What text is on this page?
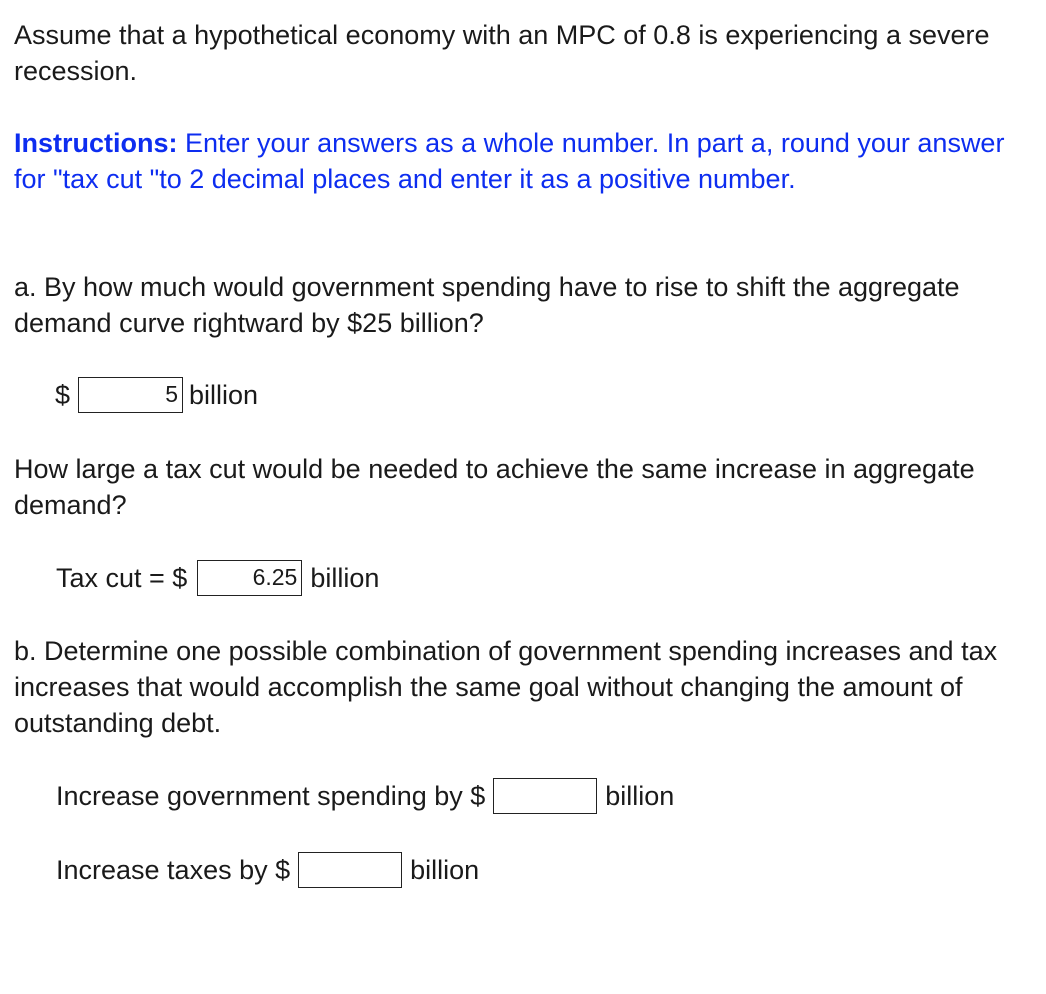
Assume that a hypothetical economy with an MPC of 0.8 is experiencing a severe recession.

Instructions: Enter your answers as a whole number. In part a, round your answer for "tax cut "to 2 decimal places and enter it as a positive number.

a. By how much would government spending have to rise to shift the aggregate demand curve rightward by $25 billion?

$	5 billion

How large a tax cut would be needed to achieve the same increase in aggregate demand?

Tax cut = $	6.25 billion

b. Determine one possible combination of government spending increases and tax increases that would accomplish the same goal without changing the amount of outstanding debt.

Increase government spending by $	billion
Increase taxes by $	billion
